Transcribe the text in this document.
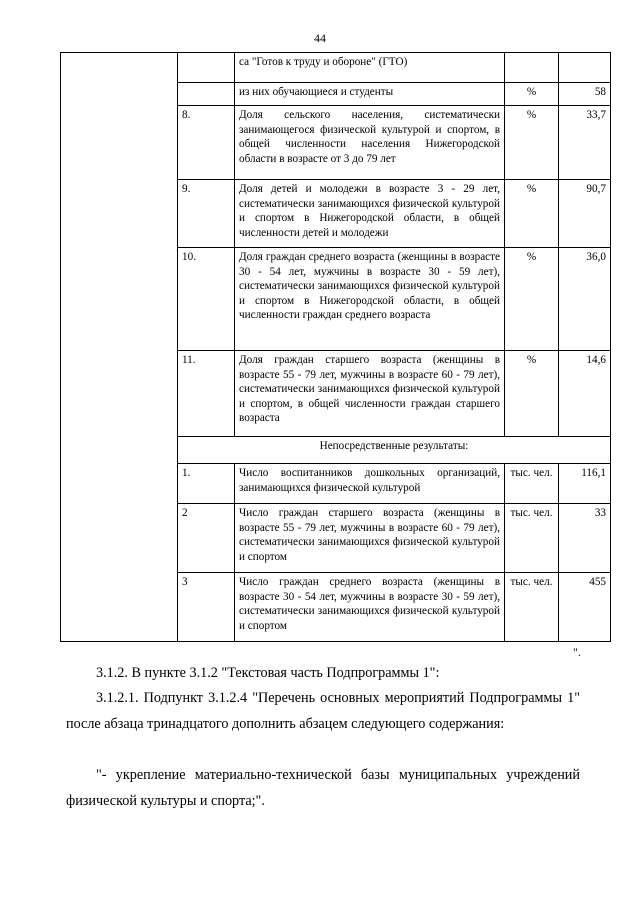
44
		са "Готов к труду и обороне" (ГТО)		
		из них обучающиеся и студенты	%	58
	8.	Доля сельского населения, систематически занимающегося физической культурой и спортом, в общей численности населения Нижегородской области в возрасте от 3 до 79 лет	%	33,7
	9.	Доля детей и молодежи в возрасте 3 - 29 лет, систематически занимающихся физической культурой и спортом в Нижегородской области, в общей численности детей и молодежи	%	90,7
	10.	Доля граждан среднего возраста (женщины в возрасте 30 - 54 лет, мужчины в возрасте 30 - 59 лет), систематически занимающихся физической культурой и спортом в Нижегородской области, в общей численности граждан среднего возраста	%	36,0
	11.	Доля граждан старшего возраста (женщины в возрасте 55 - 79 лет, мужчины в возрасте 60 - 79 лет), систематически занимающихся физической культурой и спортом, в общей численности граждан старшего возраста	%	14,6
	Непосредственные результаты:			
	1.	Число воспитанников дошкольных организаций, занимающихся физической культурой	тыс. чел.	116,1
	2	Число граждан старшего возраста (женщины в возрасте 55 - 79 лет, мужчины в возрасте 60 - 79 лет), систематически занимающихся физической культурой и спортом	тыс. чел.	33
	3	Число граждан среднего возраста (женщины в возрасте 30 - 54 лет, мужчины в возрасте 30 - 59 лет), систематически занимающихся физической культурой и спортом	тыс. чел.	455
".
3.1.2. В пункте 3.1.2 "Текстовая часть Подпрограммы 1":
3.1.2.1. Подпункт 3.1.2.4 "Перечень основных мероприятий Подпрограммы 1" после абзаца тринадцатого дополнить абзацем следующего содержания:
"- укрепление материально-технической базы муниципальных учреждений физической культуры и спорта;".
